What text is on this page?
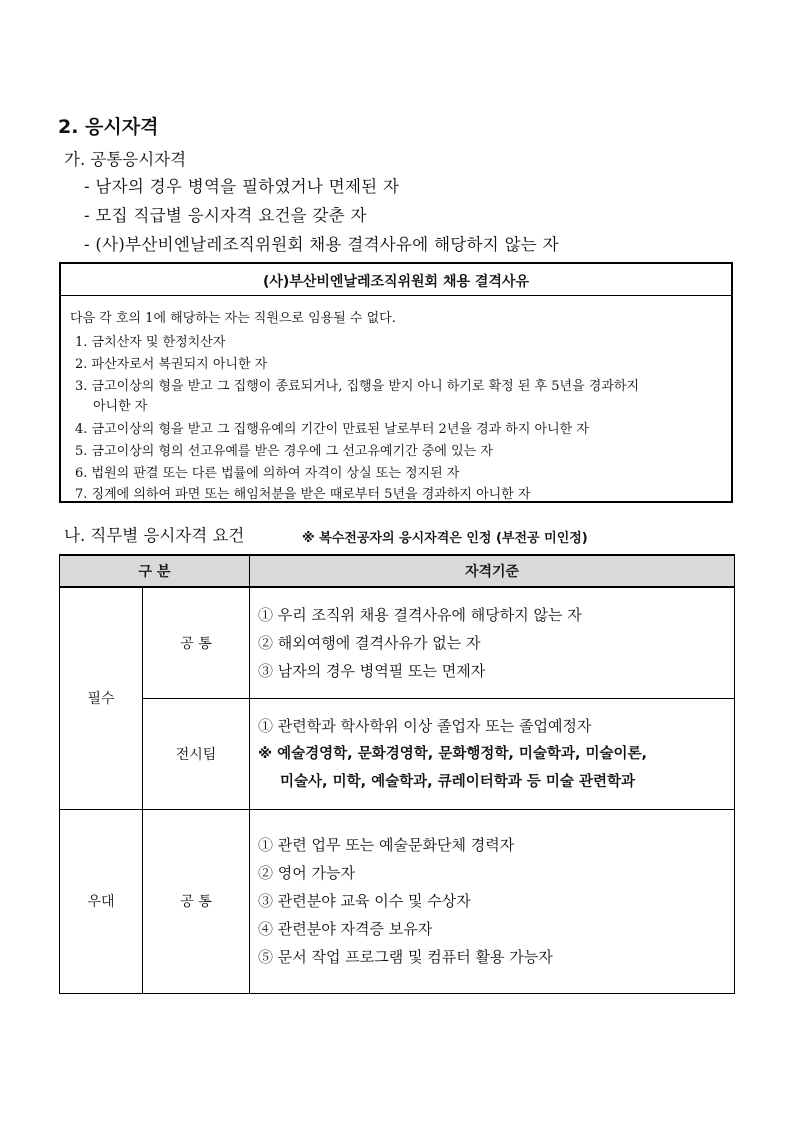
2. 응시자격
가. 공통응시자격
- 남자의 경우 병역을 필하였거나 면제된 자
- 모집 직급별 응시자격 요건을 갖춘 자
- (사)부산비엔날레조직위원회 채용 결격사유에 해당하지 않는 자
(사)부산비엔날레조직위원회 채용 결격사유
다음 각 호의 1에 해당하는 자는 직원으로 임용될 수 없다.
1. 금치산자 및 한정치산자
2. 파산자로서 복권되지 아니한 자
3. 금고이상의 형을 받고 그 집행이 종료되거나, 집행을 받지 아니 하기로 확정 된 후 5년을 경과하지
아니한 자
4. 금고이상의 형을 받고 그 집행유예의 기간이 만료된 날로부터 2년을 경과 하지 아니한 자
5. 금고이상의 형의 선고유예를 받은 경우에 그 선고유예기간 중에 있는 자
6. 법원의 판결 또는 다른 법률에 의하여 자격이 상실 또는 정지된 자
7. 징계에 의하여 파면 또는 해임처분을 받은 때로부터 5년을 경과하지 아니한 자
나. 직무별 응시자격 요건	※ 복수전공자의 응시자격은 인정 (부전공 미인정)
구 분		자격기준
필수	공 통	① 우리 조직위 채용 결격사유에 해당하지 않는 자
② 해외여행에 결격사유가 없는 자
③ 남자의 경우 병역필 또는 면제자

	전시팀	① 관련학과 학사학위 이상 졸업자 또는 졸업예정자
※ 예술경영학, 문화경영학, 문화행정학, 미술학과, 미술이론,
미술사, 미학, 예술학과, 큐레이터학과 등 미술 관련학과

우대	공 통	① 관련 업무 또는 예술문화단체 경력자
② 영어 가능자
③ 관련분야 교육 이수 및 수상자
④ 관련분야 자격증 보유자
⑤ 문서 작업 프로그램 및 컴퓨터 활용 가능자
